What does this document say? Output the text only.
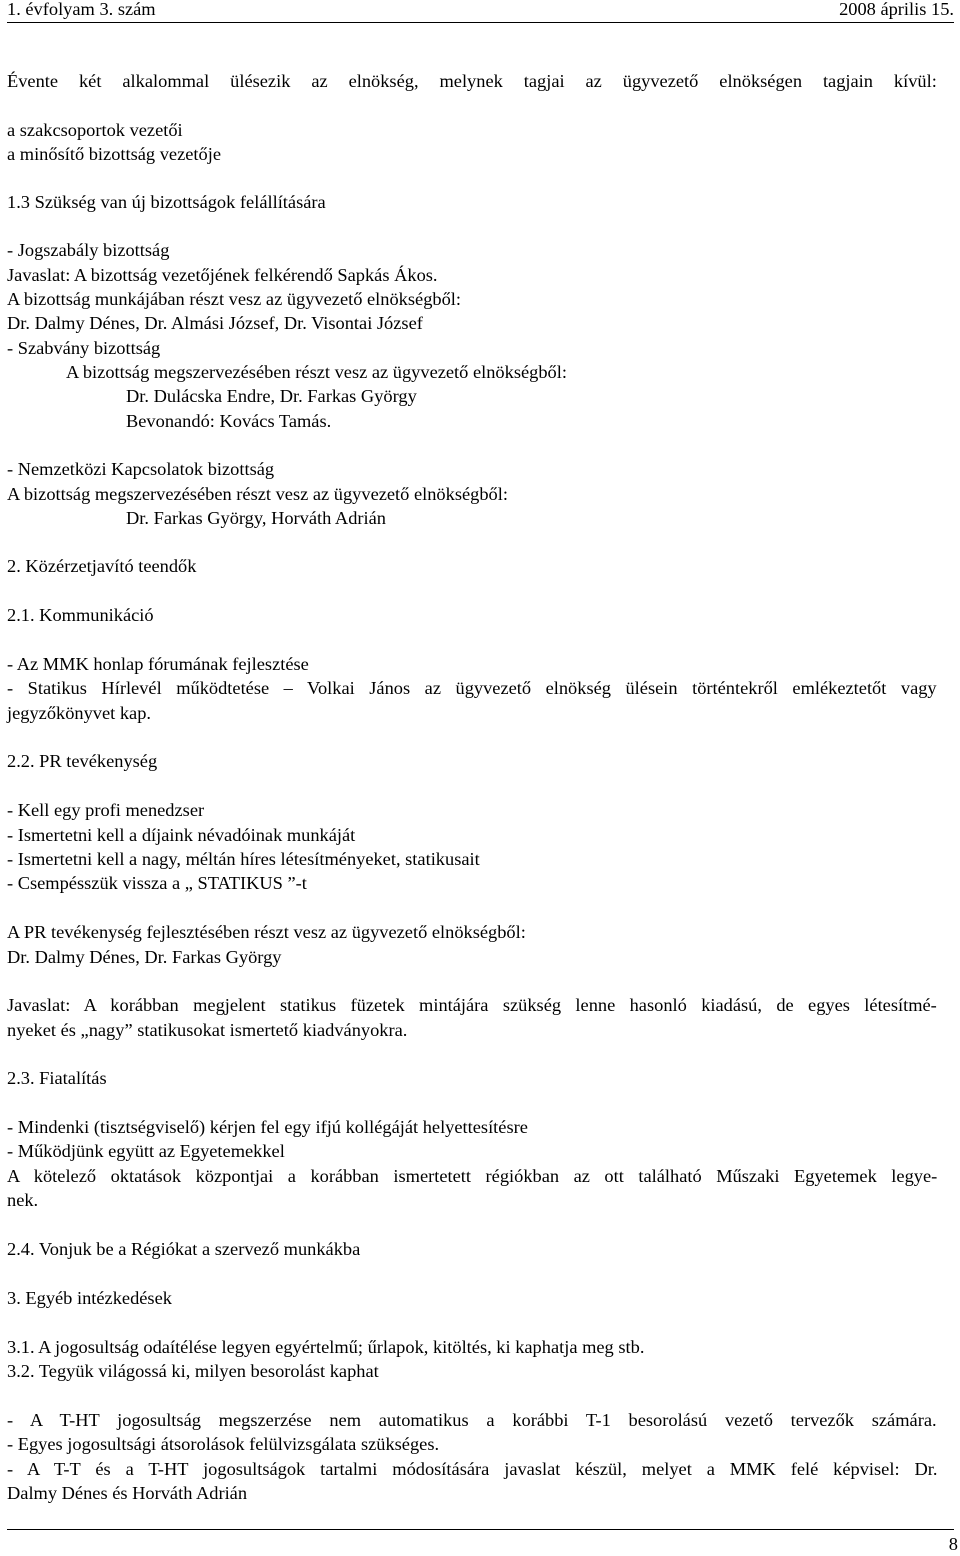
1. évfolyam 3. szám	2008 április 15.
Évente két alkalommal ülésezik az elnökség, melynek tagjai az ügyvezető elnökségen tagjain kívül:
a szakcsoportok vezetői
a minősítő bizottság vezetője
1.3 Szükség van új bizottságok felállítására
- Jogszabály bizottság
Javaslat: A bizottság vezetőjének felkérendő Sapkás Ákos.
A bizottság munkájában részt vesz az ügyvezető elnökségből:
Dr. Dalmy Dénes, Dr. Almási József, Dr. Visontai József
- Szabvány bizottság
A bizottság megszervezésében részt vesz az ügyvezető elnökségből:
Dr. Dulácska Endre, Dr. Farkas György
Bevonandó: Kovács Tamás.
- Nemzetközi Kapcsolatok bizottság
A bizottság megszervezésében részt vesz az ügyvezető elnökségből:
Dr. Farkas György, Horváth Adrián
2. Közérzetjavító teendők
2.1. Kommunikáció
- Az MMK honlap fórumának fejlesztése
- Statikus Hírlevél működtetése – Volkai János az ügyvezető elnökség ülésein történtekről emlékeztetőt vagy
jegyzőkönyvet kap.
2.2. PR tevékenység
- Kell egy profi menedzser
- Ismertetni kell a díjaink névadóinak munkáját
- Ismertetni kell a nagy, méltán híres létesítményeket, statikusait
- Csempésszük vissza a „ STATIKUS ”-t
A PR tevékenység fejlesztésében részt vesz az ügyvezető elnökségből:
Dr. Dalmy Dénes, Dr. Farkas György
Javaslat: A korábban megjelent statikus füzetek mintájára szükség lenne hasonló kiadású, de egyes létesítmé-
nyeket és „nagy” statikusokat ismertető kiadványokra.
2.3. Fiatalítás
- Mindenki (tisztségviselő) kérjen fel egy ifjú kollégáját helyettesítésre
- Működjünk együtt az Egyetemekkel
A kötelező oktatások központjai a korábban ismertetett régiókban az ott található Műszaki Egyetemek legye-
nek.
2.4. Vonjuk be a Régiókat a szervező munkákba
3. Egyéb intézkedések
3.1. A jogosultság odaítélése legyen egyértelmű; űrlapok, kitöltés, ki kaphatja meg stb.
3.2. Tegyük világossá ki, milyen besorolást kaphat
- A T-HT jogosultság megszerzése nem automatikus a korábbi T-1 besorolású vezető tervezők számára.
- Egyes jogosultsági átsorolások felülvizsgálata szükséges.
- A T-T és a T-HT jogosultságok tartalmi módosítására javaslat készül, melyet a MMK felé képvisel: Dr.
Dalmy Dénes és Horváth Adrián
8
